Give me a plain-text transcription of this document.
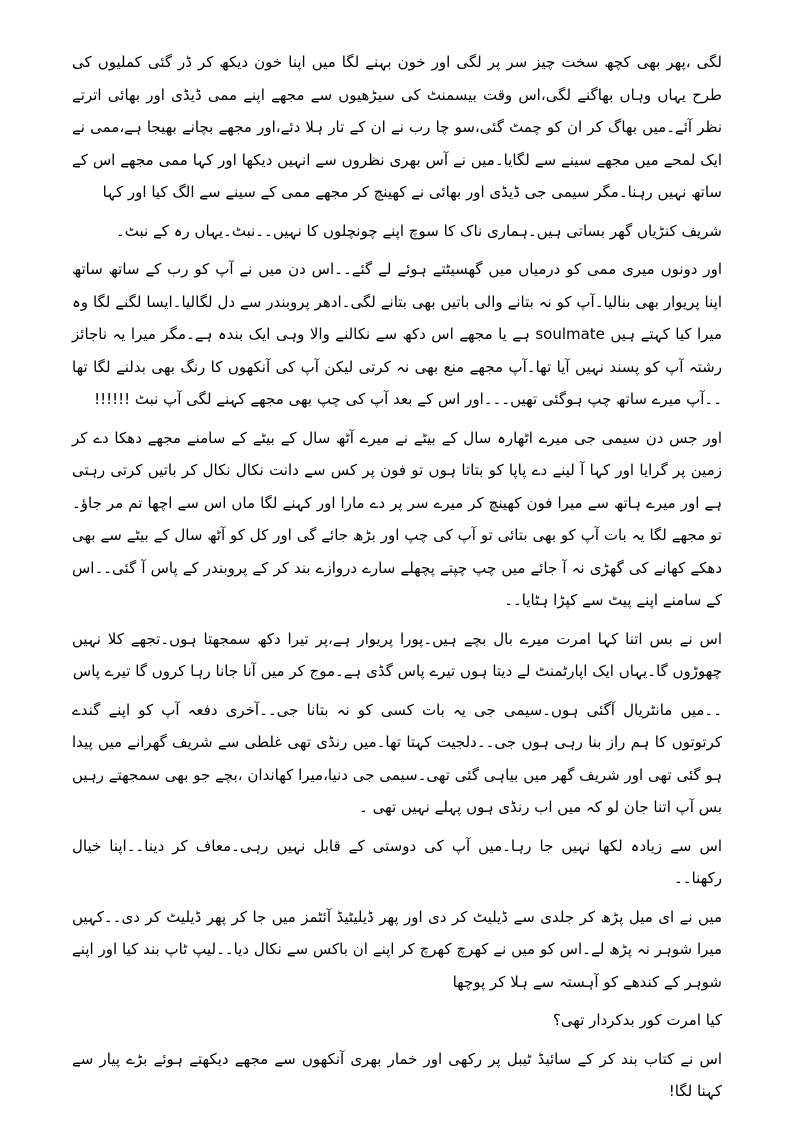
لگی ،پھر بھی کچھ سخت چیز سر پر لگی اور خون بہنے لگا میں اپنا خون دیکھ کر ڈر گئی کملیوں کی طرح یہاں وہاں بھاگنے لگی،اس وقت بیسمنٹ کی سیڑھیوں سے مجھے اپنے ممی ڈیڈی اور بھائی اترتے نظر آئے۔میں بھاگ کر ان کو چمٹ گئی،سو چا رب نے ان کے تار ہلا دئے،اور مجھے بچانے بھیجا ہے،ممی نے ایک لمحے میں مجھے سینے سے لگایا۔میں نے آس بھری نظروں سے انہیں دیکھا اور کہا ممی مجھے اس کے ساتھ نہیں رہنا۔مگر سیمی جی ڈیڈی اور بھائی نے کھینچ کر مجھے ممی کے سینے سے الگ کیا اور کہا

شریف کنڑیاں گھر بساتی ہیں۔ہماری ناک کا سوچ اپنے چونچلوں کا نہیں۔۔نبٹ۔یہاں رہ کے نبٹ۔

اور دونوں میری ممی کو درمیاں میں گھسیٹتے ہوئے لے گئے۔۔اس دن میں نے آپ کو رب کے ساتھ ساتھ اپنا پریوار بھی بنالیا۔آپ کو نہ بتانے والی باتیں بھی بتانے لگی۔ادھر پروبندر سے دل لگالیا۔ایسا لگنے لگا وہ میرا کیا کہتے ہیں soulmate ہے یا مجھے اس دکھ سے نکالنے والا وہی ایک بندہ ہے۔مگر میرا یہ ناجائز رشتہ آپ کو پسند نہیں آیا تھا۔آپ مجھے منع بھی نہ کرتی لیکن آپ کی آنکھوں کا رنگ بھی بدلنے لگا تھا ۔۔آپ میرے ساتھ چپ ہوگئی تھیں۔۔۔اور اس کے بعد آپ کی چپ بھی مجھے کہنے لگی آپ نبٹ !!!!!!

اور جس دن سیمی جی میرے اٹھارہ سال کے بیٹے نے میرے آٹھ سال کے بیٹے کے سامنے مجھے دھکا دے کر زمین پر گرایا اور کہا آ لینے دے پاپا کو بتاتا ہوں تو فون پر کس سے دانت نکال نکال کر باتیں کرتی رہتی ہے اور میرے ہاتھ سے میرا فون کھینچ کر میرے سر پر دے مارا اور کہنے لگا ماں اس سے اچھا تم مر جاؤ۔تو مجھے لگا یہ بات آپ کو بھی بتائی تو آپ کی چپ اور بڑھ جائے گی اور کل کو آٹھ سال کے بیٹے سے بھی دھکے کھانے کی گھڑی نہ آ جائے میں چپ چپتے پچھلے سارے دروازے بند کر کے پروبندر کے پاس آ گئی۔۔اس کے سامنے اپنے پیٹ سے کپڑا ہٹایا۔۔

اس نے بس اتنا کہا امرت میرے بال بچے ہیں۔پورا پریوار ہے،پر تیرا دکھ سمجھتا ہوں۔تجھے کلا نہیں چھوڑوں گا۔یہاں ایک اپارٹمنٹ لے دیتا ہوں تیرے پاس گڈی ہے۔موج کر میں آنا جانا رہا کروں گا تیرے پاس

۔۔میں مانٹریال آگئی ہوں۔سیمی جی یہ بات کسی کو نہ بتانا جی۔۔آخری دفعہ آپ کو اپنے گندے کرتوتوں کا ہم راز بنا رہی ہوں جی۔۔دلجیت کہتا تھا۔میں رنڈی تھی غلطی سے شریف گھرانے میں پیدا ہو گئی تھی اور شریف گھر میں بیاہی گئی تھی۔سیمی جی دنیا،میرا کھاندان ،بچے جو بھی سمجھتے رہیں بس آپ اتنا جان لو کہ میں اب رنڈی ہوں پہلے نہیں تھی ۔

اس سے زیادہ لکھا نہیں جا رہا۔میں آپ کی دوستی کے قابل نہیں رہی۔معاف کر دینا۔۔اپنا خیال رکھنا۔۔

میں نے ای میل پڑھ کر جلدی سے ڈیلیٹ کر دی اور پھر ڈیلیٹیڈ آئٹمز میں جا کر پھر ڈیلیٹ کر دی۔۔کہیں میرا شوہر نہ پڑھ لے۔اس کو میں نے کھرچ کھرچ کر اپنے ان باکس سے نکال دیا۔۔لیپ ٹاپ بند کیا اور اپنے شوہر کے کندھے کو آہستہ سے ہلا کر پوچھا

کیا امرت کور بدکردار تھی؟

اس نے کتاب بند کر کے سائیڈ ٹیبل پر رکھی اور خمار بھری آنکھوں سے مجھے دیکھتے ہوئے بڑے پیار سے کہنا لگا!
